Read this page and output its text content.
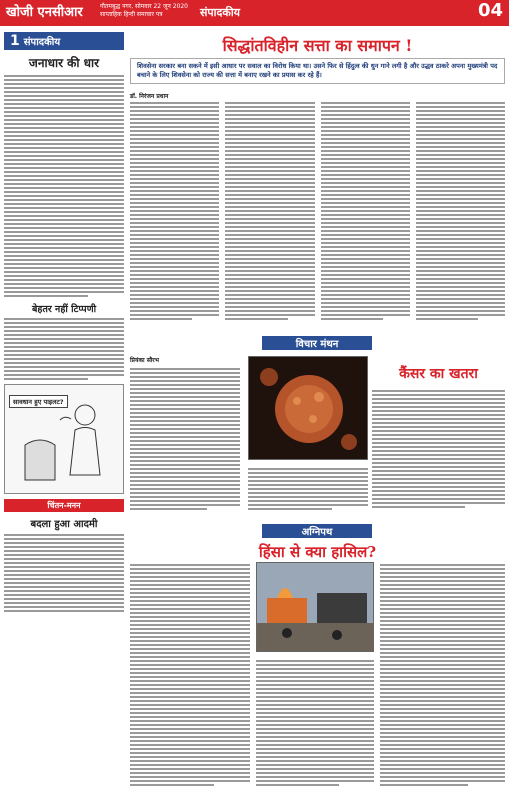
खोजी एनसीआर	गौतमबुद्ध नगर, सोमवार 22 जून 2020
साप्ताहिक हिन्दी समाचार पत्र	संपादकीय	04
1 संपादकीय
जनाधार की धार
बेहतर नहीं टिप्पणी
सावधान हुए पाइलट?
चिंतन-मनन
बदला हुआ आदमी
सिद्धांतविहीन सत्ता का समापन !
शिवसेना सरकार बना सकने में इसी आधार पर सवाल का विरोध किया था। उसने फिर से हिंदुत्व की धुन गाने लगी है और उद्धव ठाकरे अपना मुख्यमंत्री पद बचाने के लिए शिवसेना को राज्य की सत्ता में बनाए रखने का प्रयास कर रहे हैं।
डॉ. निरंजन प्रधान
विचार मंथन
प्रियंका सौरभ
कैंसर का खतरा
अग्निपथ
हिंसा से क्या हासिल?
